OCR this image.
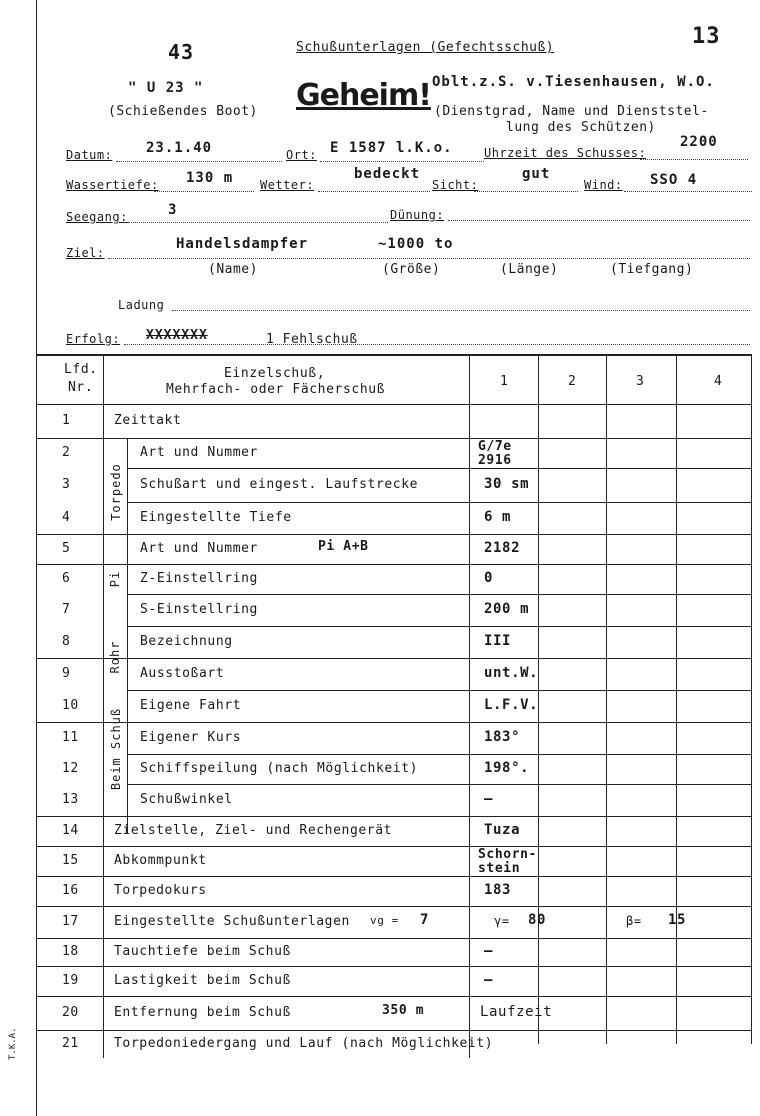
43
13
Schußunterlagen (Gefechtsschuß)
" U 23 "
(Schießendes Boot) Geheim! Oblt.z.S. v.Tiesenhausen, W.O.
(Dienstgrad, Name und Dienststel-
lung des Schützen)
Datum: 23.1.40	Ort: E 1587 l.K.o.	Uhrzeit des Schusses:
2200
Wassertiefe: 130 m Wetter:
bedeckt
Sicht:
gut
Wind: SSO 4
Seegang:	3	Dünung:
Ziel:
Handelsdampfer	~1000 to
(Name)	(Größe)	(Länge)	(Tiefgang)
Ladung
Erfolg: XXXXXXX	1 Fehlschuß
Lfd.
Nr.
Einzelschuß,
Mehrfach- oder Fächerschuß
1	2	3	4
Torpedo
Pi
Rohr
Beim Schuß
1	Zeittakt
2	Art und Nummer	G/7e
2916
3	Schußart und eingest. Laufstrecke	30 sm
4	Eingestellte Tiefe	6 m
5	Art und Nummer	Pi A+B	2182
6	Z-Einstellring	0
7	S-Einstellring	200 m
8	Bezeichnung	III
9	Ausstoßart	unt.W.
10	Eigene Fahrt	L.F.V.
11	Eigener Kurs	183°
12	Schiffspeilung (nach Möglichkeit)	198°.
13	Schußwinkel	–
14	Zielstelle, Ziel- und Rechengerät	Tuza
15	Abkommpunkt	Schorn-
stein
16	Torpedokurs	183
17	Eingestellte Schußunterlagen vg = 7	γ= 80	β= 15
18	Tauchtiefe beim Schuß	–
19	Lastigkeit beim Schuß	–
20	Entfernung beim Schuß	350 m	Laufzeit
21	Torpedoniedergang und Lauf (nach Möglichkeit)
T.K.A.
